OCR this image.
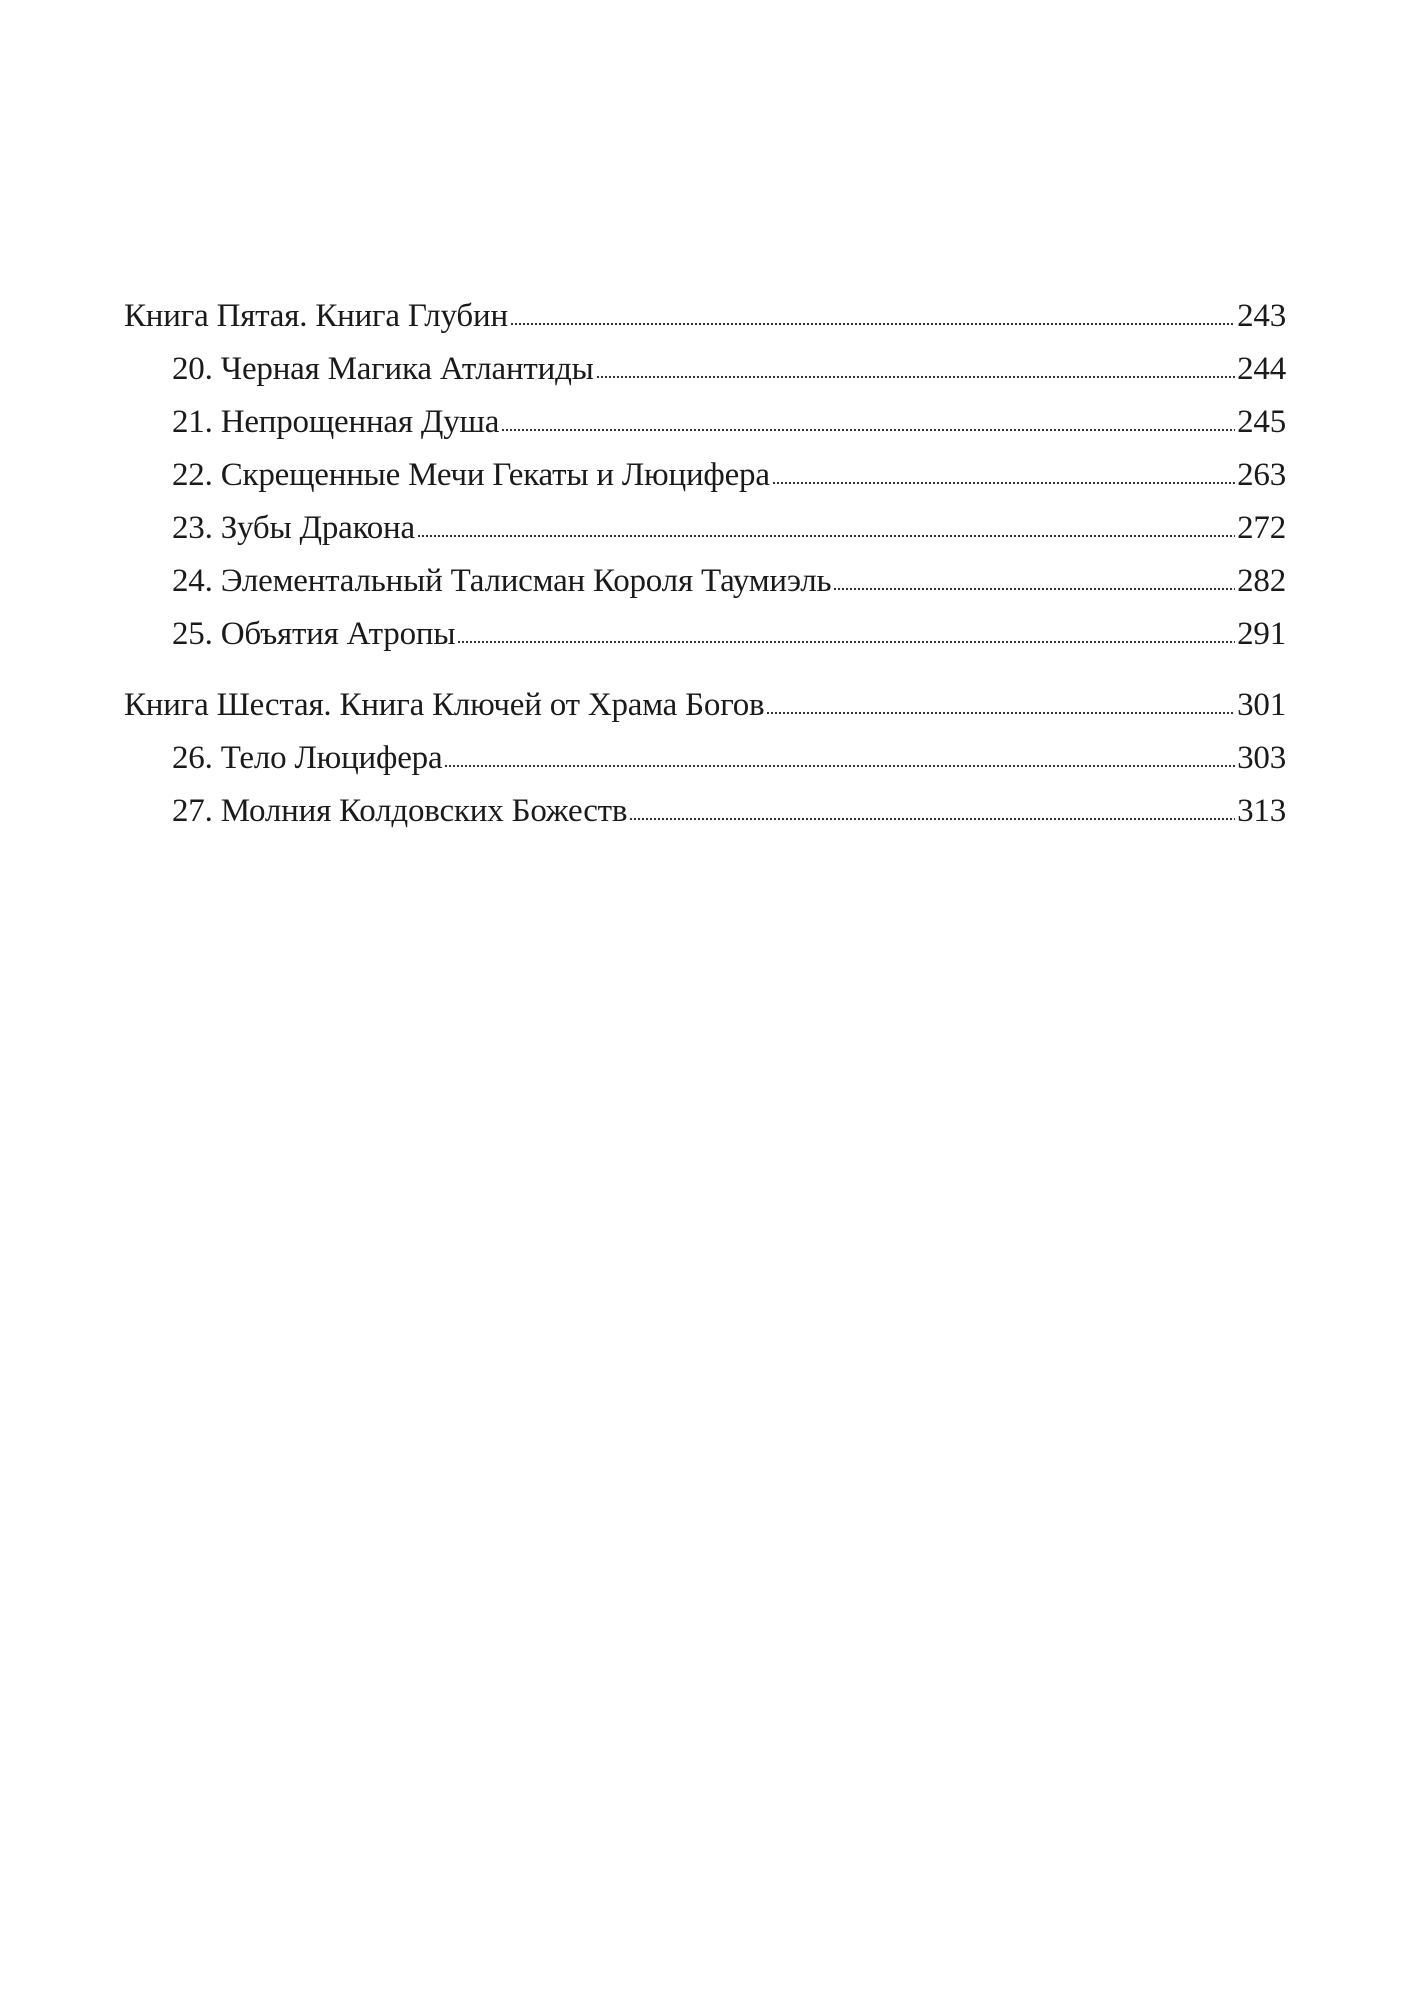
Книга Пятая. Книга Глубин	243
20. Черная Магика Атлантиды	244
21. Непрощенная Душа	245
22. Скрещенные Мечи Гекаты и Люцифера	263
23. Зубы Дракона	272
24. Элементальный Талисман Короля Таумиэль	282
25. Объятия Атропы	291
Книга Шестая. Книга Ключей от Храма Богов	301
26. Тело Люцифера	303
27. Молния Колдовских Божеств	313
